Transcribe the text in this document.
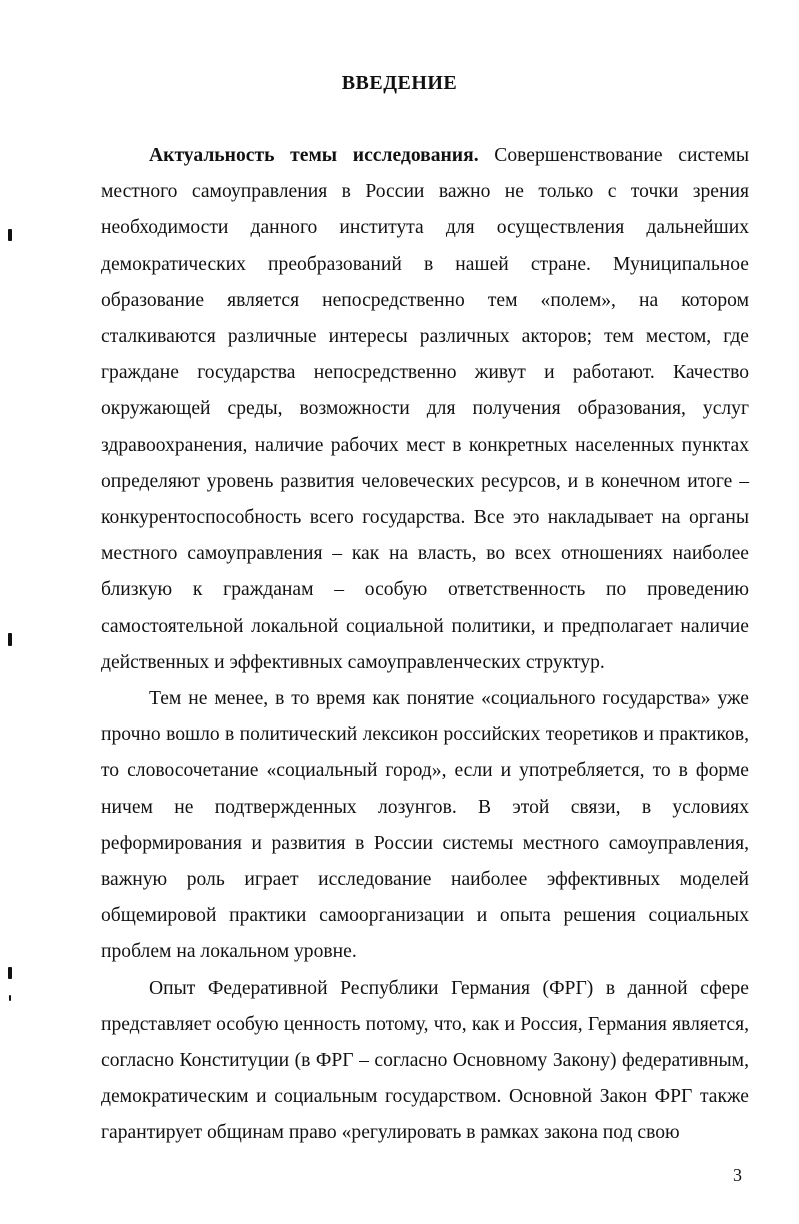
ВВЕДЕНИЕ

Актуальность темы исследования. Совершенствование системы местного самоуправления в России важно не только с точки зрения необходимости данного института для осуществления дальнейших демократических преобразований в нашей стране. Муниципальное образование является непосредственно тем «полем», на котором сталкиваются различные интересы различных акторов; тем местом, где граждане государства непосредственно живут и работают. Качество окружающей среды, возможности для получения образования, услуг здравоохранения, наличие рабочих мест в конкретных населенных пунктах определяют уровень развития человеческих ресурсов, и в конечном итоге – конкурентоспособность всего государства. Все это накладывает на органы местного самоуправления – как на власть, во всех отношениях наиболее близкую к гражданам – особую ответственность по проведению самостоятельной локальной социальной политики, и предполагает наличие действенных и эффективных самоуправленческих структур.

Тем не менее, в то время как понятие «социального государства» уже прочно вошло в политический лексикон российских теоретиков и практиков, то словосочетание «социальный город», если и употребляется, то в форме ничем не подтвержденных лозунгов. В этой связи, в условиях реформирования и развития в России системы местного самоуправления, важную роль играет исследование наиболее эффективных моделей общемировой практики самоорганизации и опыта решения социальных проблем на локальном уровне.

Опыт Федеративной Республики Германия (ФРГ) в данной сфере представляет особую ценность потому, что, как и Россия, Германия является, согласно Конституции (в ФРГ – согласно Основному Закону) федеративным, демократическим и социальным государством. Основной Закон ФРГ также гарантирует общинам право «регулировать в рамках закона под свою

3
